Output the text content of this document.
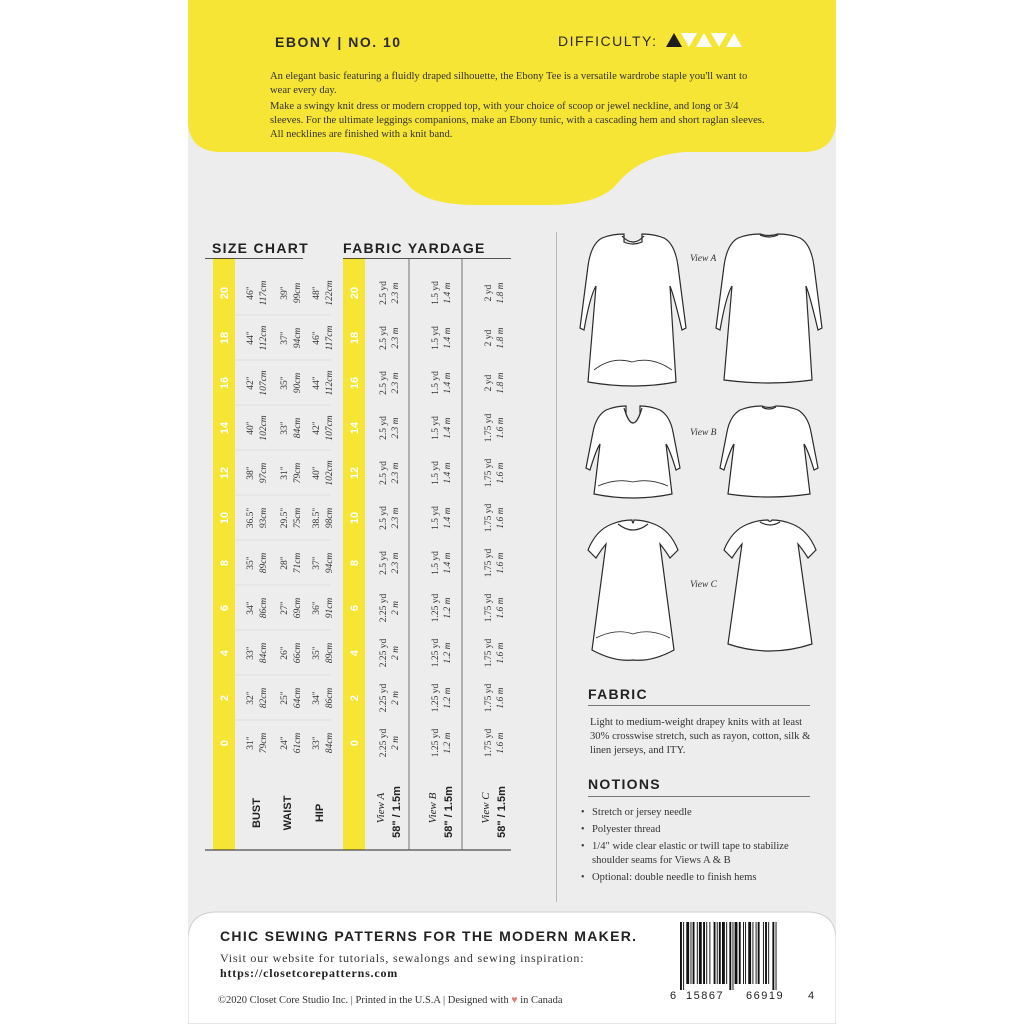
EBONY | NO. 10	DIFFICULTY:

An elegant basic featuring a fluidly draped silhouette, the Ebony Tee is a versatile wardrobe staple you'll want to wear every day.

Make a swingy knit dress or modern cropped top, with your choice of scoop or jewel neckline, and long or 3/4 sleeves. For the ultimate leggings companions, make an Ebony tunic, with a cascading hem and short raglan sleeves. All necklines are finished with a knit band.

SIZE CHART FABRIC YARDAGE
0	0
31" 79cm 24" 61cm 33" 84cm	2.25 yd 2 m	1.25 yd 1.2 m	1.75 yd 1.6 m
2	2
32" 82cm 25" 64cm 34" 86cm	2.25 yd 2 m	1.25 yd 1.2 m	1.75 yd 1.6 m
4	4
33" 84cm 26" 66cm 35" 89cm	2.25 yd 2 m	1.25 yd 1.2 m	1.75 yd 1.6 m
6	6
34" 86cm 27" 69cm 36" 91cm	2.25 yd 2 m	1.25 yd 1.2 m	1.75 yd 1.6 m
8	8
35" 89cm 28" 71cm 37" 94cm	2.5 yd 2.3 m	1.5 yd 1.4 m	1.75 yd 1.6 m
10	10
36.5" 93cm 29.5" 75cm 38.5" 98cm	2.5 yd 2.3 m	1.5 yd 1.4 m	1.75 yd 1.6 m
12	12
38" 97cm 31" 79cm 40" 102cm	2.5 yd 2.3 m	1.5 yd 1.4 m	1.75 yd 1.6 m
14	14
40" 102cm 33" 84cm 42" 107cm	2.5 yd 2.3 m	1.5 yd 1.4 m	1.75 yd 1.6 m
16	16
42" 107cm 35" 90cm 44" 112cm	2.5 yd 2.3 m	1.5 yd 1.4 m	2 yd 1.8 m
18	18
44" 112cm 37" 94cm 46" 117cm	2.5 yd 2.3 m	1.5 yd 1.4 m	2 yd 1.8 m
20	20
46" 117cm 39" 99cm 48" 122cm	2.5 yd 2.3 m	1.5 yd 1.4 m	2 yd 1.8 m
BUST WAIST HIP	View A 58" / 1.5m View B 58" / 1.5m View C 58" / 1.5m
View A
View B
View C
FABRIC

Light to medium-weight drapey knits with at least 30% crosswise stretch, such as rayon, cotton, silk & linen jerseys, and ITY.

NOTIONS
• Stretch or jersey needle
• Polyester thread
• 1/4" wide clear elastic or twill tape to stabilize shoulder seams for Views A & B
• Optional: double needle to finish hems
CHIC SEWING PATTERNS FOR THE MODERN MAKER.
Visit our website for tutorials, sewalongs and sewing inspiration:
https://closetcorepatterns.com
©2020 Closet Core Studio Inc. | Printed in the U.S.A | Designed with ♥ in Canada	6 15867 66919 4
